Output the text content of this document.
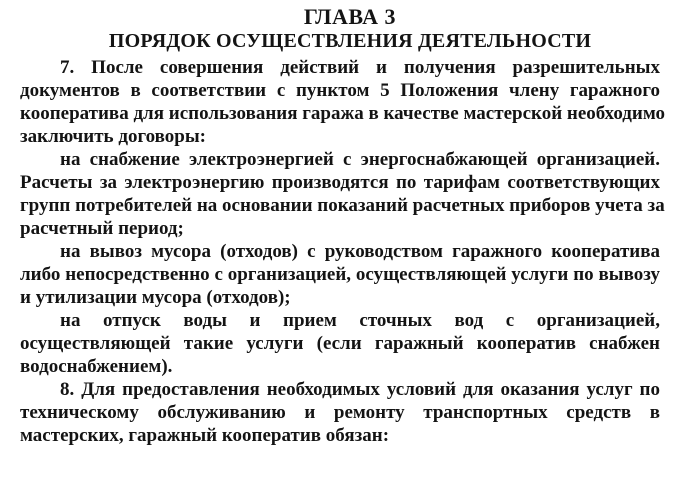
ГЛАВА 3
ПОРЯДОК ОСУЩЕСТВЛЕНИЯ ДЕЯТЕЛЬНОСТИ
7. После совершения действий и получения разрешительных
документов в соответствии с пунктом 5 Положения члену гаражного
кооператива для использования гаража в качестве мастерской необходимо
заключить договоры:
на снабжение электроэнергией с энергоснабжающей организацией.
Расчеты за электроэнергию производятся по тарифам соответствующих
групп потребителей на основании показаний расчетных приборов учета за
расчетный период;
на вывоз мусора (отходов) с руководством гаражного кооператива
либо непосредственно с организацией, осуществляющей услуги по вывозу
и утилизации мусора (отходов);
на отпуск воды и прием сточных вод с организацией,
осуществляющей такие услуги (если гаражный кооператив снабжен
водоснабжением).
8. Для предоставления необходимых условий для оказания услуг по
техническому обслуживанию и ремонту транспортных средств в
мастерских, гаражный кооператив обязан:
